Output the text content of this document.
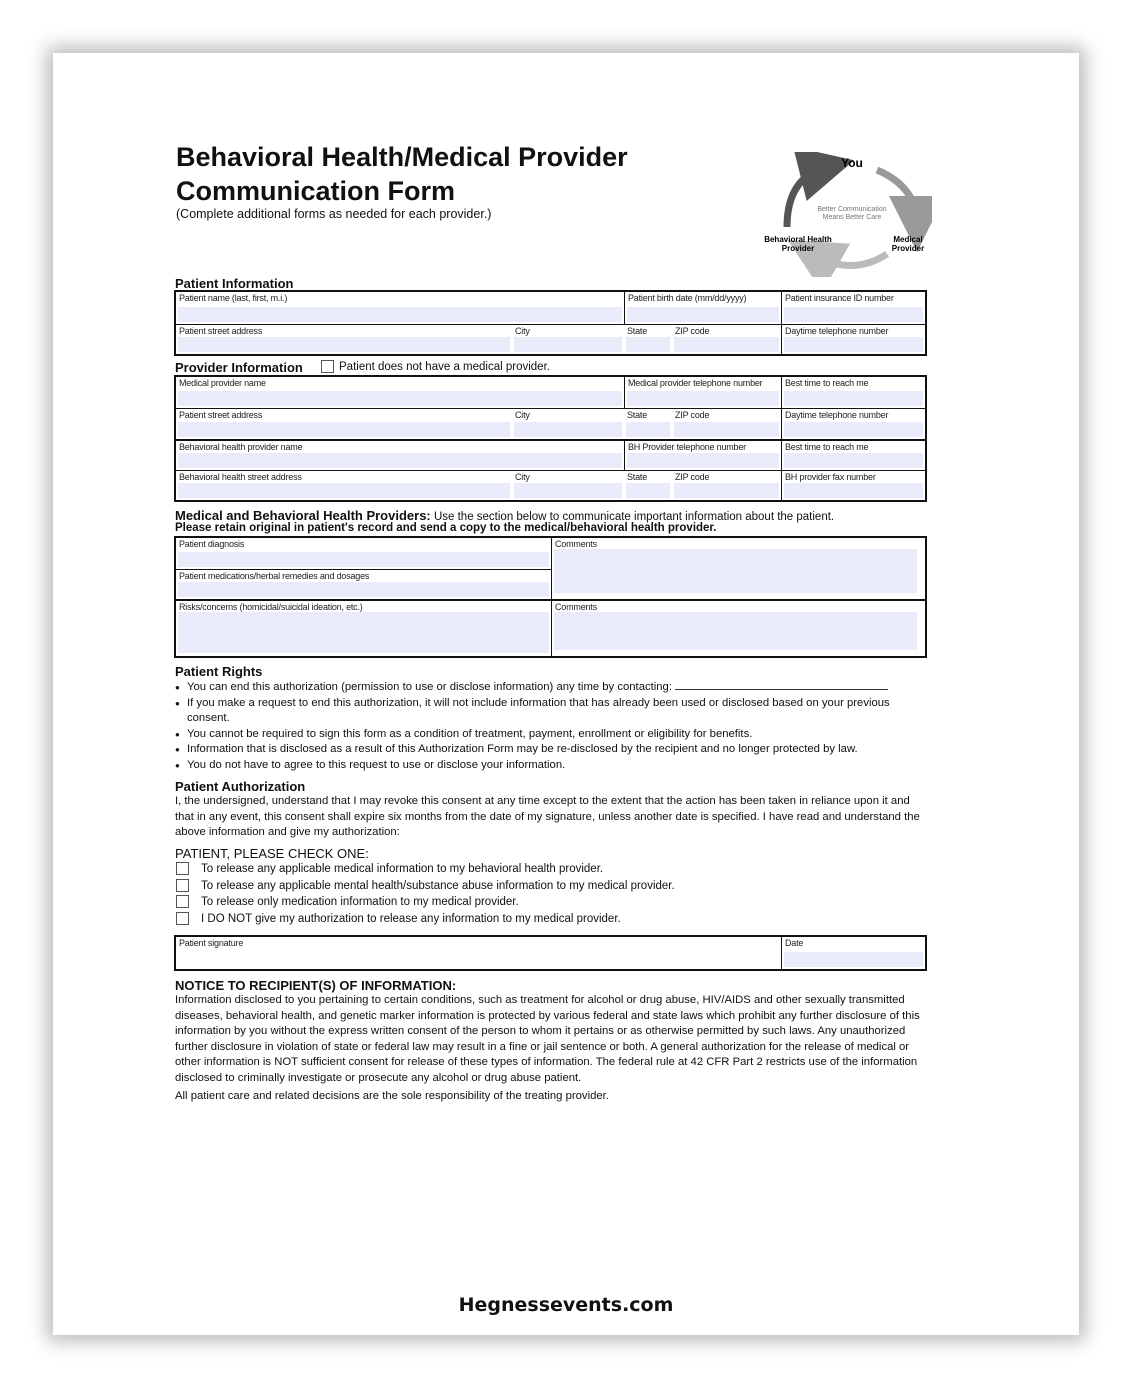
Behavioral Health/Medical Provider
Communication Form
(Complete additional forms as needed for each provider.)
You
Better Communication
Means Better Care
Behavioral Health
Provider
Medical
Provider
Patient Information
Patient name (last, first, m.i.)	Patient birth date (mm/dd/yyyy)	Patient insurance ID number
Patient street address	City	State	ZIP code	Daytime telephone number
Provider Information	Patient does not have a medical provider.
Medical provider name	Medical provider telephone number	Best time to reach me
Patient street address	City	State	ZIP code	Daytime telephone number
Behavioral health provider name	BH Provider telephone number	Best time to reach me
Behavioral health street address	City	State	ZIP code	BH provider fax number
Medical and Behavioral Health Providers: Use the section below to communicate important information about the patient.
Please retain original in patient's record and send a copy to the medical/behavioral health provider.
Patient diagnosis
Patient medications/herbal remedies and dosages
Comments
Risks/concerns (homicidal/suicidal ideation, etc.)	Comments
Patient Rights
● You can end this authorization (permission to use or disclose information) any time by contacting:
● If you make a request to end this authorization, it will not include information that has already been used or disclosed based on your previous consent.
● You cannot be required to sign this form as a condition of treatment, payment, enrollment or eligibility for benefits.
● Information that is disclosed as a result of this Authorization Form may be re-disclosed by the recipient and no longer protected by law.
● You do not have to agree to this request to use or disclose your information.
Patient Authorization
I, the undersigned, understand that I may revoke this consent at any time except to the extent that the action has been taken in reliance upon it and that in any event, this consent shall expire six months from the date of my signature, unless another date is specified. I have read and understand the above information and give my authorization:
PATIENT, PLEASE CHECK ONE:
To release any applicable medical information to my behavioral health provider.
To release any applicable mental health/substance abuse information to my medical provider.
To release only medication information to my medical provider.
I DO NOT give my authorization to release any information to my medical provider.
Patient signature	Date
NOTICE TO RECIPIENT(S) OF INFORMATION:
Information disclosed to you pertaining to certain conditions, such as treatment for alcohol or drug abuse, HIV/AIDS and other sexually transmitted diseases, behavioral health, and genetic marker information is protected by various federal and state laws which prohibit any further disclosure of this information by you without the express written consent of the person to whom it pertains or as otherwise permitted by such laws. Any unauthorized further disclosure in violation of state or federal law may result in a fine or jail sentence or both. A general authorization for the release of medical or other information is NOT sufficient consent for release of these types of information. The federal rule at 42 CFR Part 2 restricts use of the information disclosed to criminally investigate or prosecute any alcohol or drug abuse patient.
All patient care and related decisions are the sole responsibility of the treating provider.
Hegnessevents.com
